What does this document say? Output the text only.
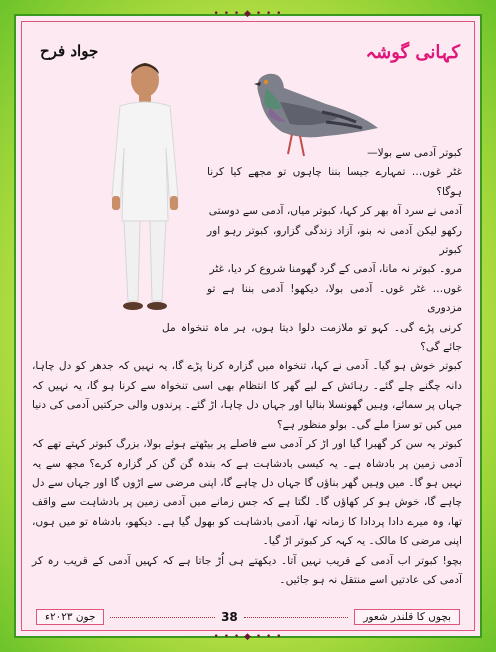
• • • ◆ • • •
کہانی گوشہ
جواد فرح

کبوتر آدمی سے بولا—

غٹر غوں… تمہارے جیسا بننا چاہوں تو مجھے کیا کرنا ہوگا؟

آدمی نے سرد آہ بھر کر کہا، کبوتر میاں، آدمی سے دوستی

رکھو لیکن آدمی نہ بنو، آزاد زندگی گزارو، کبوتر رہو اور کبوتر

مرو۔ کبوتر نہ مانا، آدمی کے گرد گھومنا شروع کر دیا، غٹر

غوں… غٹر غوں۔ آدمی بولا، دیکھو! آدمی بننا ہے تو مزدوری

کرنی پڑے گی۔ کہو تو ملازمت دلوا دیتا ہوں، ہر ماہ تنخواہ مل جائے گی؟

کبوتر خوش ہو گیا۔ آدمی نے کہا، تنخواہ میں گزارہ کرنا پڑے گا، یہ نہیں کہ جدھر کو دل چاہا، دانہ چگنے چلے گئے۔ رہائش کے لیے گھر کا انتظام بھی اسی تنخواہ سے کرنا ہو گا، یہ نہیں کہ جہاں پر سمائے، وہیں گھونسلا بنالیا اور جہاں دل چاہا، اڑ گئے۔ پرندوں والی حرکتیں آدمی کی دنیا میں کیں تو سزا ملے گی۔ بولو منظور ہے؟

کبوتر یہ سن کر گھبرا گیا اور اڑ کر آدمی سے فاصلے پر بیٹھتے ہوئے بولا، بزرگ کبوتر کہتے تھے کہ آدمی زمین پر بادشاہ ہے۔ یہ کیسی بادشاہت ہے کہ بندہ گن گن کر گزارہ کرے؟ مجھ سے یہ نہیں ہو گا۔ میں وہیں گھر بناؤں گا جہاں دل چاہے گا، اپنی مرضی سے اڑوں گا اور جہاں سے دل چاہے گا، خوش ہو کر کھاؤں گا۔ لگتا ہے کہ جس زمانے میں آدمی زمین پر بادشاہت سے واقف تھا، وہ میرے دادا پردادا کا زمانہ تھا، آدمی بادشاہت کو بھول گیا ہے۔ دیکھو، بادشاہ تو میں ہوں، اپنی مرضی کا مالک۔ یہ کہہ کر کبوتر اڑ گیا۔

بچو! کبوتر اب آدمی کے قریب نہیں آتا۔ دیکھتے ہی اُڑ جاتا ہے کہ کہیں آدمی کے قریب رہ کر آدمی کی عادتیں اسے منتقل نہ ہو جائیں۔

جون ۲۰۲۳ء	38	بچوں کا قلندر شعور
• • • ◆ • • •
